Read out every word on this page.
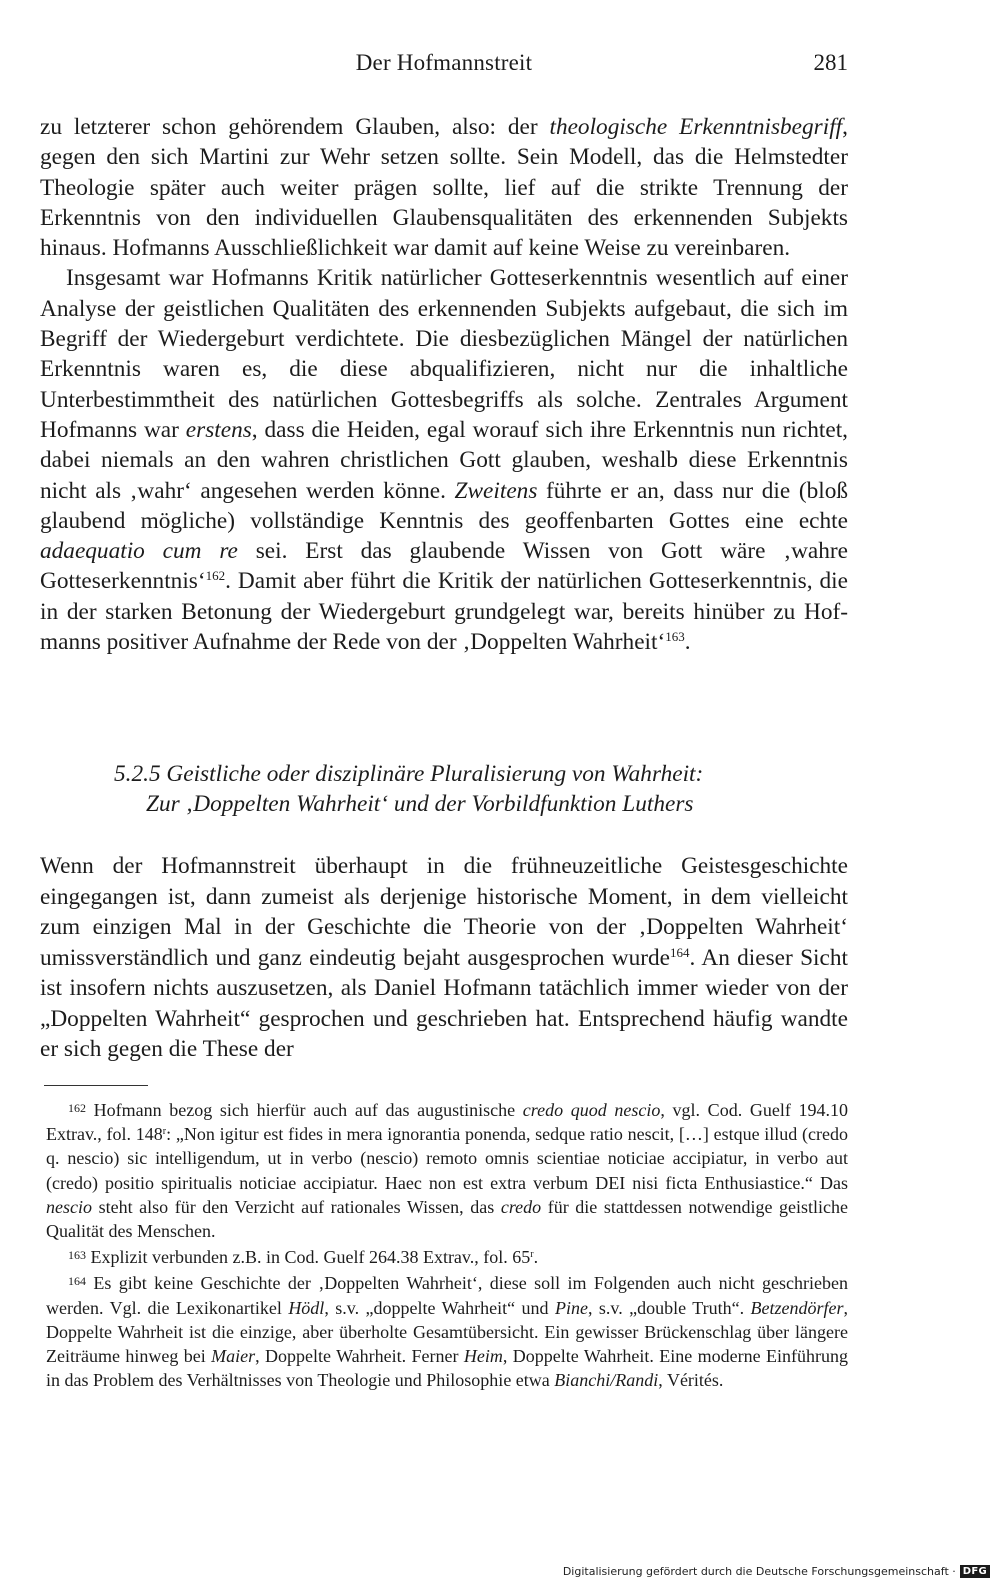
Der Hofmannstreit	281

zu letzterer schon gehörendem Glauben, also: der theologische Erkenntnisbegriff, gegen den sich Martini zur Wehr setzen sollte. Sein Modell, das die Helmstedter Theologie später auch weiter prägen sollte, lief auf die strikte Trennung der Erkenntnis von den individuellen Glaubensqualitäten des erkennenden Subjekts hinaus. Hofmanns Ausschließlichkeit war damit auf keine Weise zu vereinbaren.

Insgesamt war Hofmanns Kritik natürlicher Gotteserkenntnis wesentlich auf einer Analyse der geistlichen Qualitäten des erkennenden Subjekts aufgebaut, die sich im Begriff der Wiedergeburt verdichtete. Die diesbezüglichen Mängel der natürlichen Erkenntnis waren es, die diese abqualifizieren, nicht nur die inhaltliche Unterbestimmtheit des natürlichen Gottesbegriffs als solche. Zentrales Argument Hofmanns war erstens, dass die Heiden, egal worauf sich ihre Erkenntnis nun richtet, dabei niemals an den wahren christlichen Gott glauben, weshalb diese Erkenntnis nicht als ‚wahr‘ angesehen werden könne. Zweitens führte er an, dass nur die (bloß glaubend mögliche) vollständige Kenntnis des geoffenbarten Gottes eine echte adaequatio cum re sei. Erst das glaubende Wissen von Gott wäre ‚wahre Gotteserkenntnis‘$^{162}$. Damit aber führt die Kritik der natürlichen Gotteserkenntnis, die in der starken Betonung der Wiedergeburt grundgelegt war, bereits hinüber zu Hofmanns positiver Aufnahme der Rede von der ‚Doppelten Wahrheit‘$^{163}$.

5.2.5 Geistliche oder disziplinäre Pluralisierung von Wahrheit:
Zur ‚Doppelten Wahrheit‘ und der Vorbildfunktion Luthers

Wenn der Hofmannstreit überhaupt in die frühneuzeitliche Geistesgeschichte eingegangen ist, dann zumeist als derjenige historische Moment, in dem vielleicht zum einzigen Mal in der Geschichte die Theorie von der ‚Doppelten Wahrheit‘ umissverständlich und ganz eindeutig bejaht ausgesprochen wurde$^{164}$. An dieser Sicht ist insofern nichts auszusetzen, als Daniel Hofmann tatächlich immer wieder von der „Doppelten Wahrheit“ gesprochen und geschrieben hat. Entsprechend häufig wandte er sich gegen die These der

$^{162}$ Hofmann bezog sich hierfür auch auf das augustinische credo quod nescio, vgl. Cod. Guelf 194.10 Extrav., fol. 148$^r$: „Non igitur est fides in mera ignorantia ponenda, sedque ratio nescit, […] estque illud (credo q. nescio) sic intelligendum, ut in verbo (nescio) remoto omnis scientiae noticiae accipiatur, in verbo aut (credo) positio spiritualis noticiae accipiatur. Haec non est extra verbum DEI nisi ficta Enthusiastice.“ Das nescio steht also für den Verzicht auf rationales Wissen, das credo für die stattdessen notwendige geistliche Qualität des Menschen.

$^{163}$ Explizit verbunden z.B. in Cod. Guelf 264.38 Extrav., fol. 65$^r$.

$^{164}$ Es gibt keine Geschichte der ‚Doppelten Wahrheit‘, diese soll im Folgenden auch nicht geschrieben werden. Vgl. die Lexikonartikel Hödl, s.v. „doppelte Wahrheit“ und Pine, s.v. „double Truth“. Betzendörfer, Doppelte Wahrheit ist die einzige, aber überholte Gesamtübersicht. Ein gewisser Brückenschlag über längere Zeiträume hinweg bei Maier, Doppelte Wahrheit. Ferner Heim, Doppelte Wahrheit. Eine moderne Einführung in das Problem des Verhältnisses von Theologie und Philosophie etwa Bianchi/Randi, Vérités.

Digitalisierung gefördert durch die Deutsche Forschungsgemeinschaft · DFG
